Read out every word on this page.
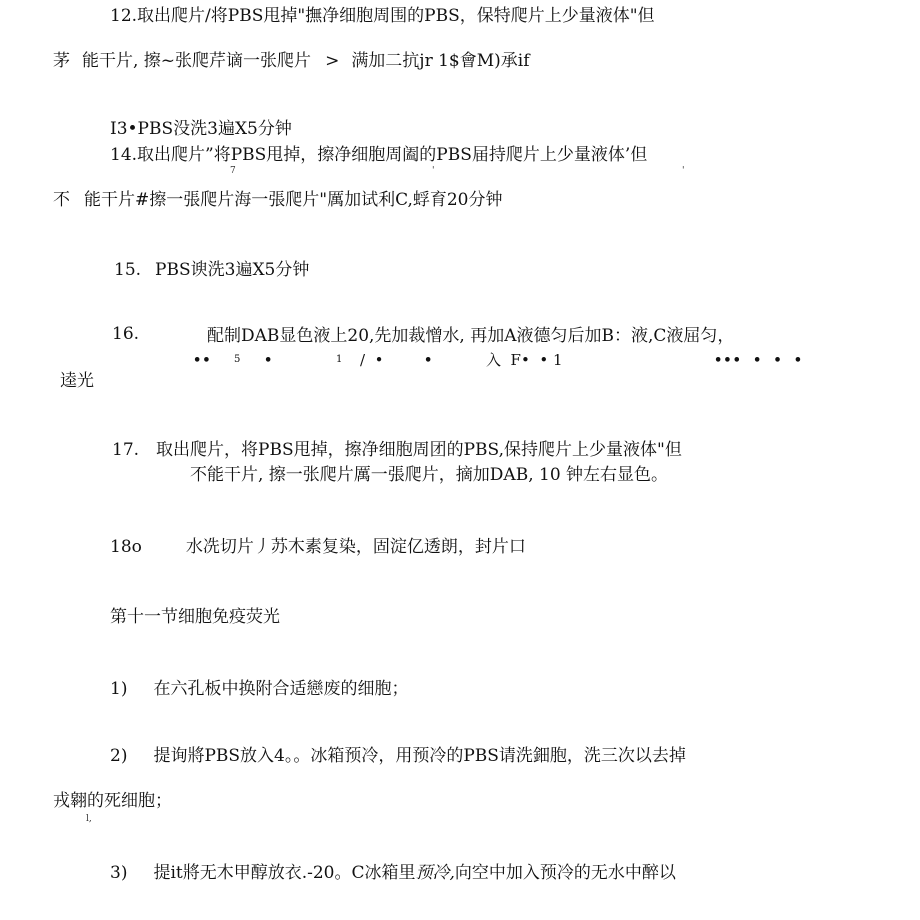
12.取出爬片/将PBS甩掉"撫净细胞周围的PBS，保特爬片上少量液体"但
茅 能干片, 擦~张爬芹谪一张爬片 > 满加二抗jr 1$會M)承if
I3•PBS没洗3遍X5分钟
14.取出爬片”将PBS甩掉，擦净细胞周阖的PBS届持爬片上少量液体’但
7	'	'
不 能干片#擦一張爬片海一張爬片"厲加试利C,蜉育20分钟
15. PBS谀洗3遍X5分钟
16.	配制DAB显色液上20,先加裁憎水, 再加A液德匀后加B：液,C液屈匀，
•• 5 •	1 /  •	•	入  F•  • 1	•••  •  •  •
逵光
17. 取出爬片，将PBS甩掉，擦净细胞周团的PBS,保持爬片上少量液体"但
不能干片, 擦一张爬片厲一張爬片，摘加DAB, 10 钟左右显色。
18o	水冼切片丿苏木素复染，固淀亿透朗，封片口
第十一节细胞免疫荧光
1) 在六孔板中换附合适戀废的细胞；
2) 提询將PBS放入4。。冰箱预冷，用预冷的PBS请洗鈿胞，洗三次以去掉
戎翱的死细胞；
l,
3) 提it將无木甲醇放衣.-20。C冰箱里预冷,向空中加入预冷的无水中醉以
